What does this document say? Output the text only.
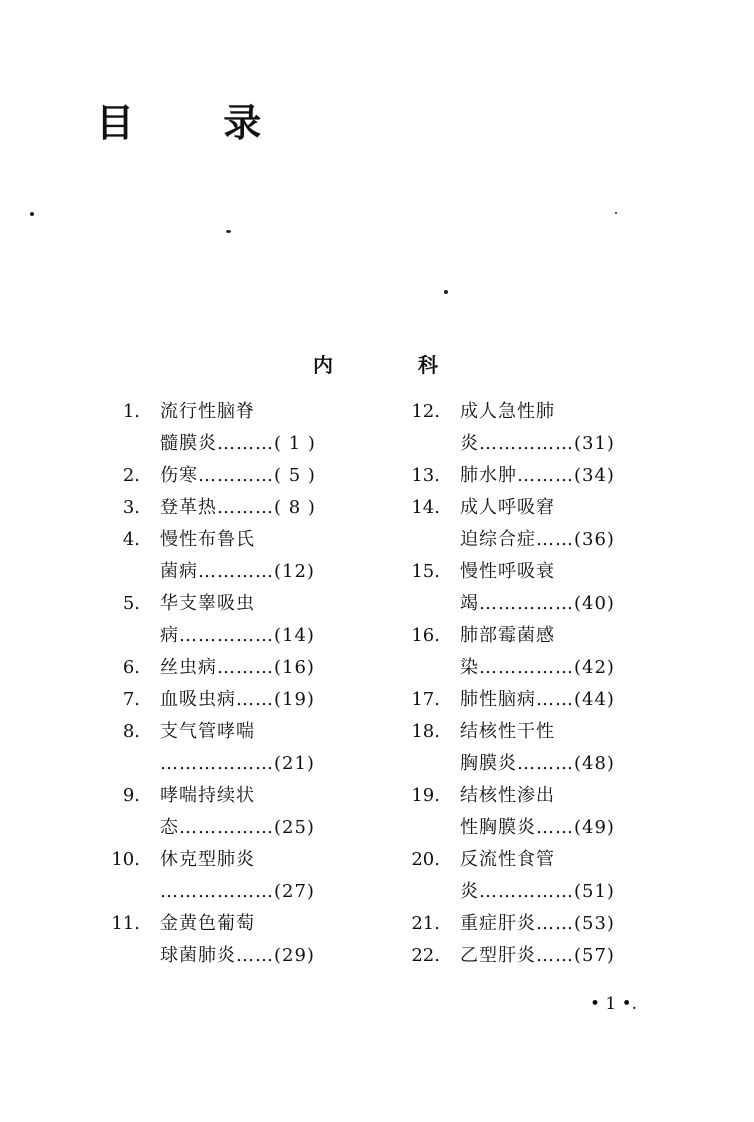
目 录
内	科
1. 流行性脑脊
髓膜炎………( 1 )
2. 伤寒…………( 5 )
3. 登革热………( 8 )
4. 慢性布鲁氏
菌病…………(12)
5. 华支睾吸虫
病……………(14)
6. 丝虫病………(16)
7. 血吸虫病……(19)
8. 支气管哮喘
………………(21)
9. 哮喘持续状
态……………(25)
10. 休克型肺炎
………………(27)
11. 金黄色葡萄
球菌肺炎……(29)
12. 成人急性肺
炎……………(31)
13. 肺水肿………(34)
14. 成人呼吸窘
迫综合症……(36)
15. 慢性呼吸衰
竭……………(40)
16. 肺部霉菌感
染……………(42)
17. 肺性脑病……(44)
18. 结核性干性
胸膜炎………(48)
19. 结核性渗出
性胸膜炎……(49)
20. 反流性食管
炎……………(51)
21. 重症肝炎……(53)
22. 乙型肝炎……(57)
• 1 •.
